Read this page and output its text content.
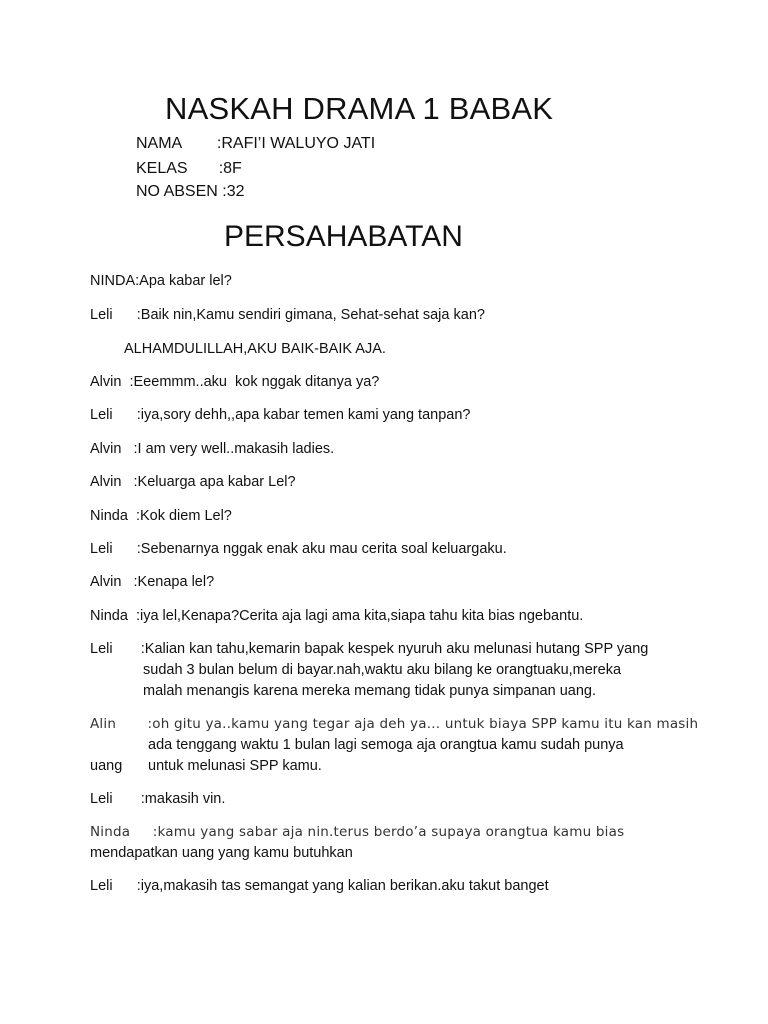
NASKAH DRAMA 1 BABAK
NAMA        :RAFI’I WALUYO JATI
KELAS       :8F
NO ABSEN :32
PERSAHABATAN
NINDA:Apa kabar lel?
Leli      :Baik nin,Kamu sendiri gimana, Sehat-sehat saja kan?
ALHAMDULILLAH,AKU BAIK-BAIK AJA.
Alvin  :Eeemmm..aku  kok nggak ditanya ya?
Leli      :iya,sory dehh,,apa kabar temen kami yang tanpan?
Alvin   :I am very well..makasih ladies.
Alvin   :Keluarga apa kabar Lel?
Ninda  :Kok diem Lel?
Leli      :Sebenarnya nggak enak aku mau cerita soal keluargaku.
Alvin   :Kenapa lel?
Ninda  :iya lel,Kenapa?Cerita aja lagi ama kita,siapa tahu kita bias ngebantu.
Leli       :Kalian kan tahu,kemarin bapak kespek nyuruh aku melunasi hutang SPP yang
sudah 3 bulan belum di bayar.nah,waktu aku bilang ke orangtuaku,mereka
malah menangis karena mereka memang tidak punya simpanan uang.
Alin       :oh gitu ya..kamu yang tegar aja deh ya… untuk biaya SPP kamu itu kan masih
ada tenggang waktu 1 bulan lagi semoga aja orangtua kamu sudah punya
uang untuk melunasi SPP kamu.
Leli       :makasih vin.
Ninda     :kamu yang sabar aja nin.terus berdo’a supaya orangtua kamu bias
mendapatkan uang yang kamu butuhkan
Leli      :iya,makasih tas semangat yang kalian berikan.aku takut banget
